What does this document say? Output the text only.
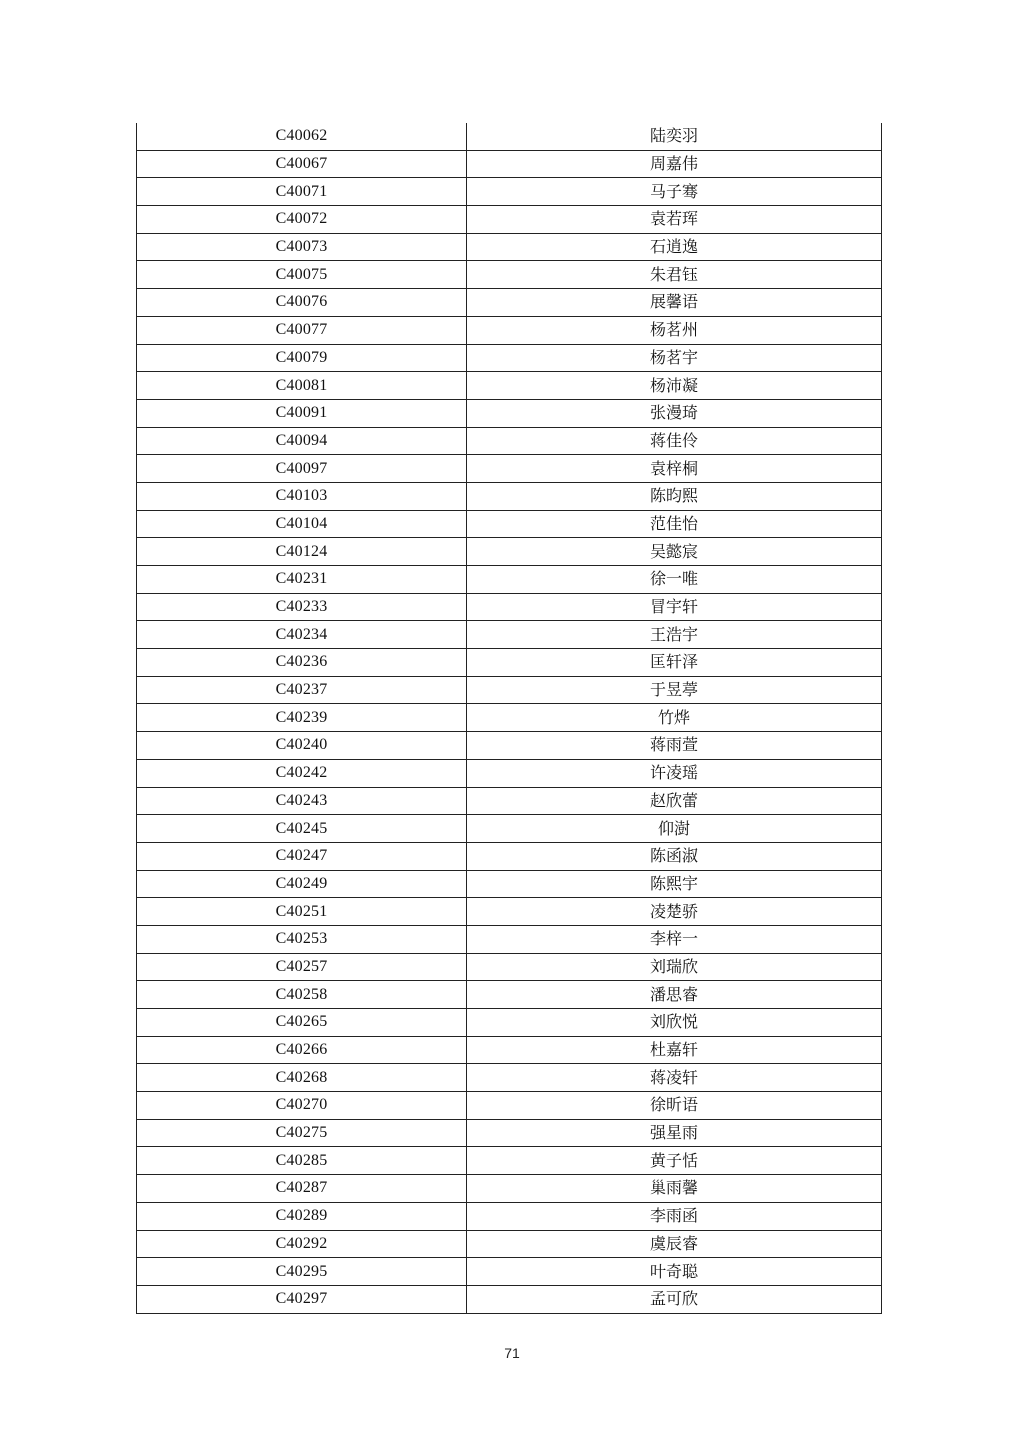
C40062	陆奕羽
C40067	周嘉伟
C40071	马子骞
C40072	袁若珲
C40073	石逍逸
C40075	朱君钰
C40076	展馨语
C40077	杨茗州
C40079	杨茗宇
C40081	杨沛凝
C40091	张漫琦
C40094	蒋佳伶
C40097	袁梓桐
C40103	陈昀熙
C40104	范佳怡
C40124	吴懿宸
C40231	徐一唯
C40233	冒宇轩
C40234	王浩宇
C40236	匡轩泽
C40237	于昱葶
C40239	竹烨
C40240	蒋雨萱
C40242	许凌瑶
C40243	赵欣蕾
C40245	仰澍
C40247	陈函淑
C40249	陈熙宇
C40251	凌楚骄
C40253	李梓一
C40257	刘瑞欣
C40258	潘思睿
C40265	刘欣悦
C40266	杜嘉轩
C40268	蒋凌轩
C40270	徐昕语
C40275	强星雨
C40285	黄子恬
C40287	巢雨馨
C40289	李雨函
C40292	虞辰睿
C40295	叶奇聪
C40297	孟可欣
71
